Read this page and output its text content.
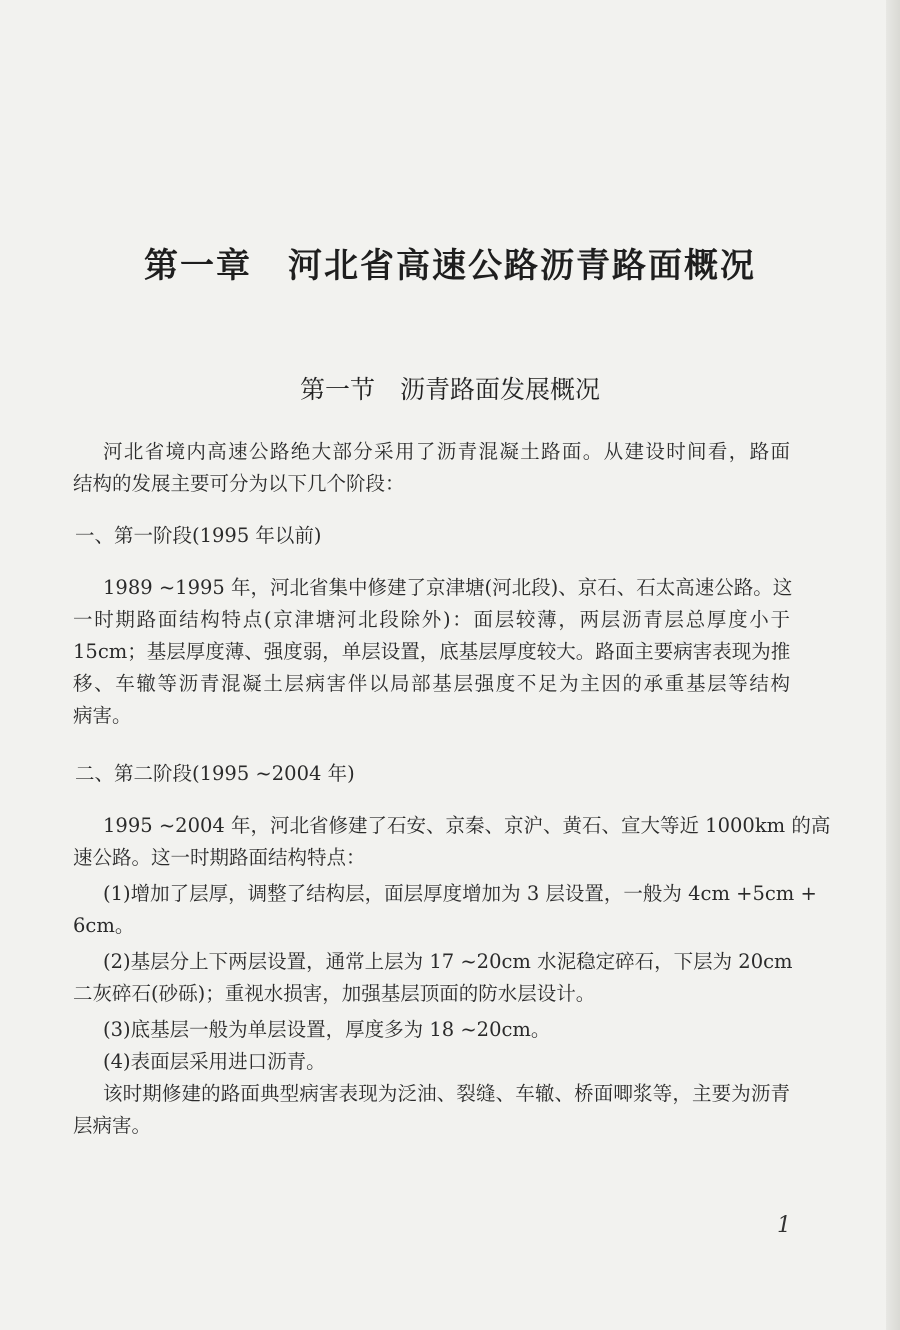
第一章　河北省高速公路沥青路面概况
第一节　沥青路面发展概况
河北省境内高速公路绝大部分采用了沥青混凝土路面。从建设时间看，路面
结构的发展主要可分为以下几个阶段：
一、第一阶段(1995 年以前)
1989 ~1995 年，河北省集中修建了京津塘(河北段)、京石、石太高速公路。这
一时期路面结构特点(京津塘河北段除外)：面层较薄，两层沥青层总厚度小于
15cm；基层厚度薄、强度弱，单层设置，底基层厚度较大。路面主要病害表现为推
移、车辙等沥青混凝土层病害伴以局部基层强度不足为主因的承重基层等结构
病害。
二、第二阶段(1995 ~2004 年)
1995 ~2004 年，河北省修建了石安、京秦、京沪、黄石、宣大等近 1000km 的高
速公路。这一时期路面结构特点：
(1)增加了层厚，调整了结构层，面层厚度增加为 3 层设置，一般为 4cm +5cm +
6cm。
(2)基层分上下两层设置，通常上层为 17 ~20cm 水泥稳定碎石，下层为 20cm
二灰碎石(砂砾)；重视水损害，加强基层顶面的防水层设计。
(3)底基层一般为单层设置，厚度多为 18 ~20cm。
(4)表面层采用进口沥青。
该时期修建的路面典型病害表现为泛油、裂缝、车辙、桥面唧浆等，主要为沥青
层病害。
1
